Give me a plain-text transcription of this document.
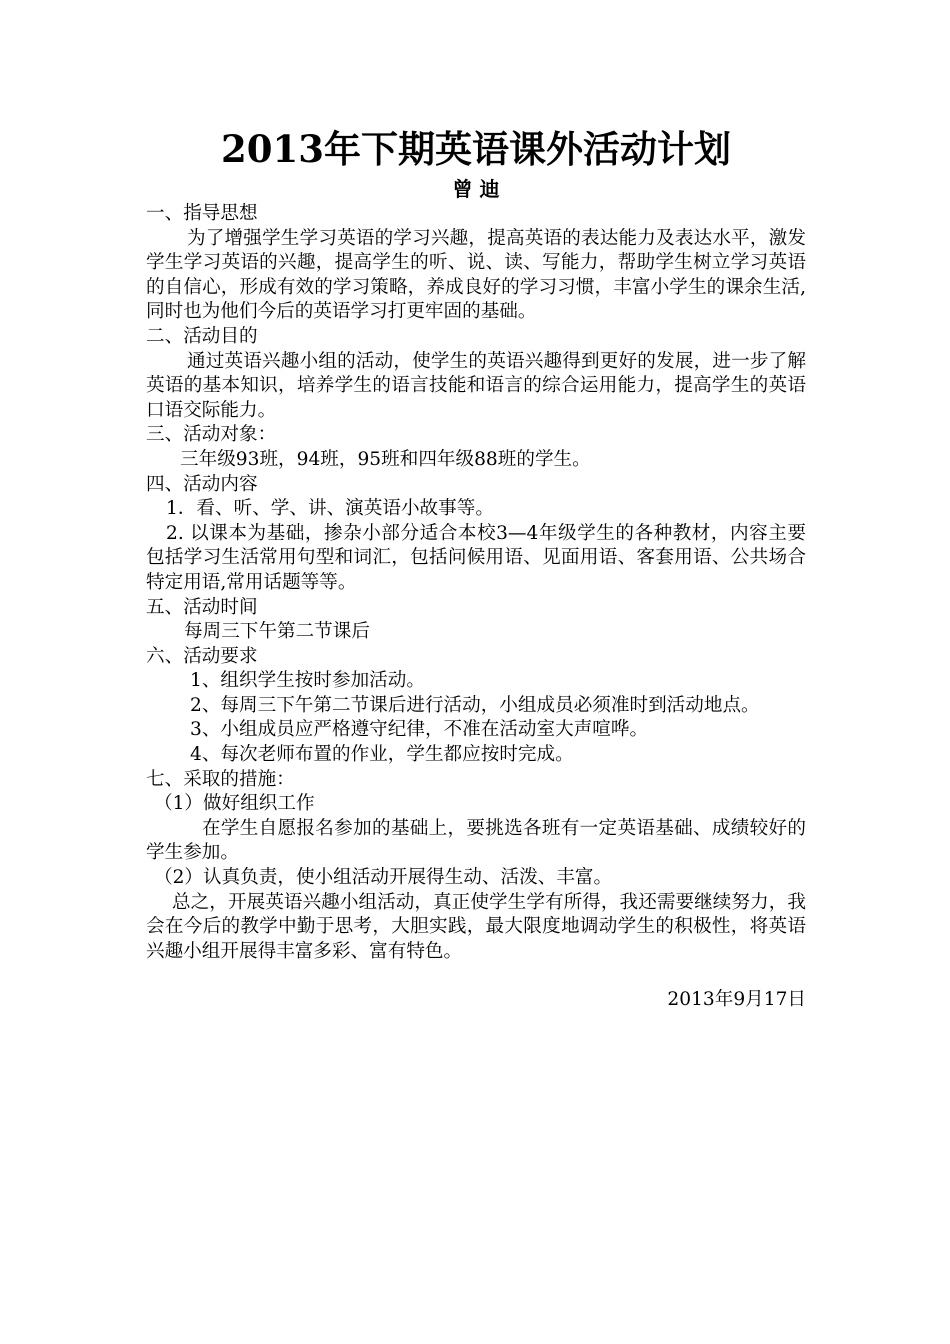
2013年下期英语课外活动计划

曾 迪

一、指导思想

为了增强学生学习英语的学习兴趣，提高英语的表达能力及表达水平，激发学生学习英语的兴趣，提高学生的听、说、读、写能力，帮助学生树立学习英语的自信心，形成有效的学习策略，养成良好的学习习惯，丰富小学生的课余生活,同时也为他们今后的英语学习打更牢固的基础。

二、活动目的

通过英语兴趣小组的活动，使学生的英语兴趣得到更好的发展，进一步了解英语的基本知识，培养学生的语言技能和语言的综合运用能力，提高学生的英语口语交际能力。

三、活动对象：

三年级93班，94班，95班和四年级88班的学生。

四、活动内容

1．看、听、学、讲、演英语小故事等。

2. 以课本为基础，掺杂小部分适合本校3—4年级学生的各种教材，内容主要包括学习生活常用句型和词汇，包括问候用语、见面用语、客套用语、公共场合特定用语,常用话题等等。

五、活动时间

每周三下午第二节课后

六、活动要求

1、组织学生按时参加活动。

2、每周三下午第二节课后进行活动，小组成员必须准时到活动地点。

3、小组成员应严格遵守纪律，不准在活动室大声喧哗。

4、每次老师布置的作业，学生都应按时完成。

七、采取的措施：

（1）做好组织工作

在学生自愿报名参加的基础上，要挑选各班有一定英语基础、成绩较好的学生参加。

（2）认真负责，使小组活动开展得生动、活泼、丰富。

总之，开展英语兴趣小组活动，真正使学生学有所得，我还需要继续努力，我会在今后的教学中勤于思考，大胆实践，最大限度地调动学生的积极性，将英语兴趣小组开展得丰富多彩、富有特色。

2013年9月17日
